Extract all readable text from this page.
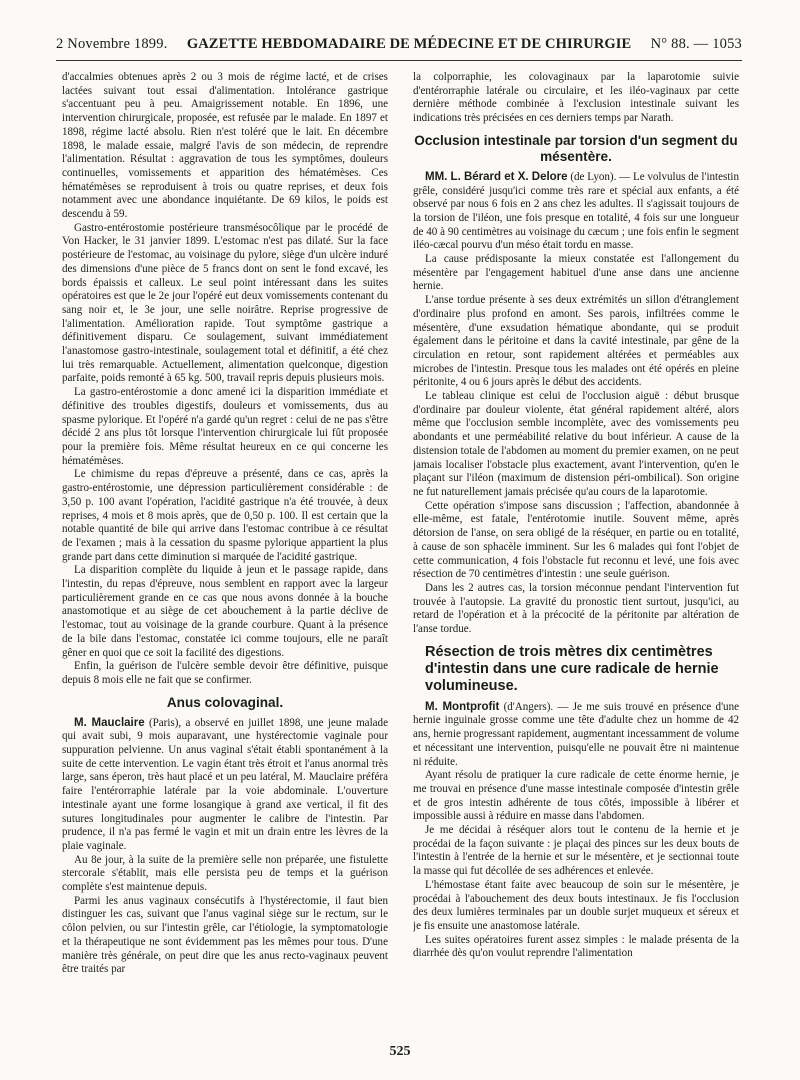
2 Novembre 1899. GAZETTE HEBDOMADAIRE DE MÉDECINE ET DE CHIRURGIE N° 88. — 1053

d'accalmies obtenues après 2 ou 3 mois de régime lacté, et de crises lactées suivant tout essai d'alimentation. Intolérance gastrique s'accentuant peu à peu. Amaigrissement notable. En 1896, une intervention chirurgicale, proposée, est refusée par le malade. En 1897 et 1898, régime lacté absolu. Rien n'est toléré que le lait. En décembre 1898, le malade essaie, malgré l'avis de son médecin, de reprendre l'alimentation. Résultat : aggravation de tous les symptômes, douleurs continuelles, vomissements et apparition des hématémèses. Ces hématémèses se reproduisent à trois ou quatre reprises, et deux fois notamment avec une abondance inquiétante. De 69 kilos, le poids est descendu à 59.

Gastro-entérostomie postérieure transmésocôlique par le procédé de Von Hacker, le 31 janvier 1899. L'estomac n'est pas dilaté. Sur la face postérieure de l'estomac, au voisinage du pylore, siège d'un ulcère induré des dimensions d'une pièce de 5 francs dont on sent le fond excavé, les bords épaissis et calleux. Le seul point intéressant dans les suites opératoires est que le 2e jour l'opéré eut deux vomissements contenant du sang noir et, le 3e jour, une selle noirâtre. Reprise progressive de l'alimentation. Amélioration rapide. Tout symptôme gastrique a définitivement disparu. Ce soulagement, suivant immédiatement l'anastomose gastro-intestinale, soulagement total et définitif, a été chez lui très remarquable. Actuellement, alimentation quelconque, digestion parfaite, poids remonté à 65 kg. 500, travail repris depuis plusieurs mois.

La gastro-entérostomie a donc amené ici la disparition immédiate et définitive des troubles digestifs, douleurs et vomissements, dus au spasme pylorique. Et l'opéré n'a gardé qu'un regret : celui de ne pas s'être décidé 2 ans plus tôt lorsque l'intervention chirurgicale lui fût proposée pour la première fois. Même résultat heureux en ce qui concerne les hématémèses.

Le chimisme du repas d'épreuve a présenté, dans ce cas, après la gastro-entérostomie, une dépression particulièrement considérable : de 3,50 p. 100 avant l'opération, l'acidité gastrique n'a été trouvée, à deux reprises, 4 mois et 8 mois après, que de 0,50 p. 100. Il est certain que la notable quantité de bile qui arrive dans l'estomac contribue à ce résultat de l'examen ; mais à la cessation du spasme pylorique appartient la plus grande part dans cette diminution si marquée de l'acidité gastrique.

La disparition complète du liquide à jeun et le passage rapide, dans l'intestin, du repas d'épreuve, nous semblent en rapport avec la largeur particulièrement grande en ce cas que nous avons donnée à la bouche anastomotique et au siège de cet abouchement à la partie déclive de l'estomac, tout au voisinage de la grande courbure. Quant à la présence de la bile dans l'estomac, constatée ici comme toujours, elle ne paraît gêner en quoi que ce soit la facilité des digestions.

Enfin, la guérison de l'ulcère semble devoir être définitive, puisque depuis 8 mois elle ne fait que se confirmer.

Anus colovaginal.

M. Mauclaire (Paris), a observé en juillet 1898, une jeune malade qui avait subi, 9 mois auparavant, une hystérectomie vaginale pour suppuration pelvienne. Un anus vaginal s'était établi spontanément à la suite de cette intervention. Le vagin étant très étroit et l'anus anormal très large, sans éperon, très haut placé et un peu latéral, M. Mauclaire préféra faire l'entérorraphie latérale par la voie abdominale. L'ouverture intestinale ayant une forme losangique à grand axe vertical, il fit des sutures longitudinales pour augmenter le calibre de l'intestin. Par prudence, il n'a pas fermé le vagin et mit un drain entre les lèvres de la plaie vaginale.

Au 8e jour, à la suite de la première selle non préparée, une fistulette stercorale s'établit, mais elle persista peu de temps et la guérison complète s'est maintenue depuis.

Parmi les anus vaginaux consécutifs à l'hystérectomie, il faut bien distinguer les cas, suivant que l'anus vaginal siège sur le rectum, sur le côlon pelvien, ou sur l'intestin grêle, car l'étiologie, la symptomatologie et la thérapeutique ne sont évidemment pas les mêmes pour tous. D'une manière très générale, on peut dire que les anus recto-vaginaux peuvent être traités par

la colporraphie, les colovaginaux par la laparotomie suivie d'entérorraphie latérale ou circulaire, et les iléo-vaginaux par cette dernière méthode combinée à l'exclusion intestinale suivant les indications très précisées en ces derniers temps par Narath.

Occlusion intestinale par torsion d'un segment du mésentère.

MM. L. Bérard et X. Delore (de Lyon). — Le volvulus de l'intestin grêle, considéré jusqu'ici comme très rare et spécial aux enfants, a été observé par nous 6 fois en 2 ans chez les adultes. Il s'agissait toujours de la torsion de l'iléon, une fois presque en totalité, 4 fois sur une longueur de 40 à 90 centimètres au voisinage du cæcum ; une fois enfin le segment iléo-cæcal pourvu d'un méso était tordu en masse.

La cause prédisposante la mieux constatée est l'allongement du mésentère par l'engagement habituel d'une anse dans une ancienne hernie.

L'anse tordue présente à ses deux extrémités un sillon d'étranglement d'ordinaire plus profond en amont. Ses parois, infiltrées comme le mésentère, d'une exsudation hématique abondante, qui se produit également dans le péritoine et dans la cavité intestinale, par gêne de la circulation en retour, sont rapidement altérées et perméables aux microbes de l'intestin. Presque tous les malades ont été opérés en pleine péritonite, 4 ou 6 jours après le début des accidents.

Le tableau clinique est celui de l'occlusion aiguë : début brusque d'ordinaire par douleur violente, état général rapidement altéré, alors même que l'occlusion semble incomplète, avec des vomissements peu abondants et une perméabilité relative du bout inférieur. A cause de la distension totale de l'abdomen au moment du premier examen, on ne peut jamais localiser l'obstacle plus exactement, avant l'intervention, qu'en le plaçant sur l'iléon (maximum de distension péri-ombilical). Son origine ne fut naturellement jamais précisée qu'au cours de la laparotomie.

Cette opération s'impose sans discussion ; l'affection, abandonnée à elle-même, est fatale, l'entérotomie inutile. Souvent même, après détorsion de l'anse, on sera obligé de la réséquer, en partie ou en totalité, à cause de son sphacèle imminent. Sur les 6 malades qui font l'objet de cette communication, 4 fois l'obstacle fut reconnu et levé, une fois avec résection de 70 centimètres d'intestin : une seule guérison.

Dans les 2 autres cas, la torsion méconnue pendant l'intervention fut trouvée à l'autopsie. La gravité du pronostic tient surtout, jusqu'ici, au retard de l'opération et à la précocité de la péritonite par altération de l'anse tordue.

Résection de trois mètres dix centimètres d'intestin dans une cure radicale de hernie volumineuse.

M. Montprofit (d'Angers). — Je me suis trouvé en présence d'une hernie inguinale grosse comme une tête d'adulte chez un homme de 42 ans, hernie progressant rapidement, augmentant incessamment de volume et nécessitant une intervention, puisqu'elle ne pouvait être ni maintenue ni réduite.

Ayant résolu de pratiquer la cure radicale de cette énorme hernie, je me trouvai en présence d'une masse intestinale composée d'intestin grêle et de gros intestin adhérente de tous côtés, impossible à libérer et impossible aussi à réduire en masse dans l'abdomen.

Je me décidai à réséquer alors tout le contenu de la hernie et je procédai de la façon suivante : je plaçai des pinces sur les deux bouts de l'intestin à l'entrée de la hernie et sur le mésentère, et je sectionnai toute la masse qui fut décollée de ses adhérences et enlevée.

L'hémostase étant faite avec beaucoup de soin sur le mésentère, je procédai à l'abouchement des deux bouts intestinaux. Je fis l'occlusion des deux lumières terminales par un double surjet muqueux et séreux et je fis ensuite une anastomose latérale.

Les suites opératoires furent assez simples : le malade présenta de la diarrhée dès qu'on voulut reprendre l'alimentation

525
